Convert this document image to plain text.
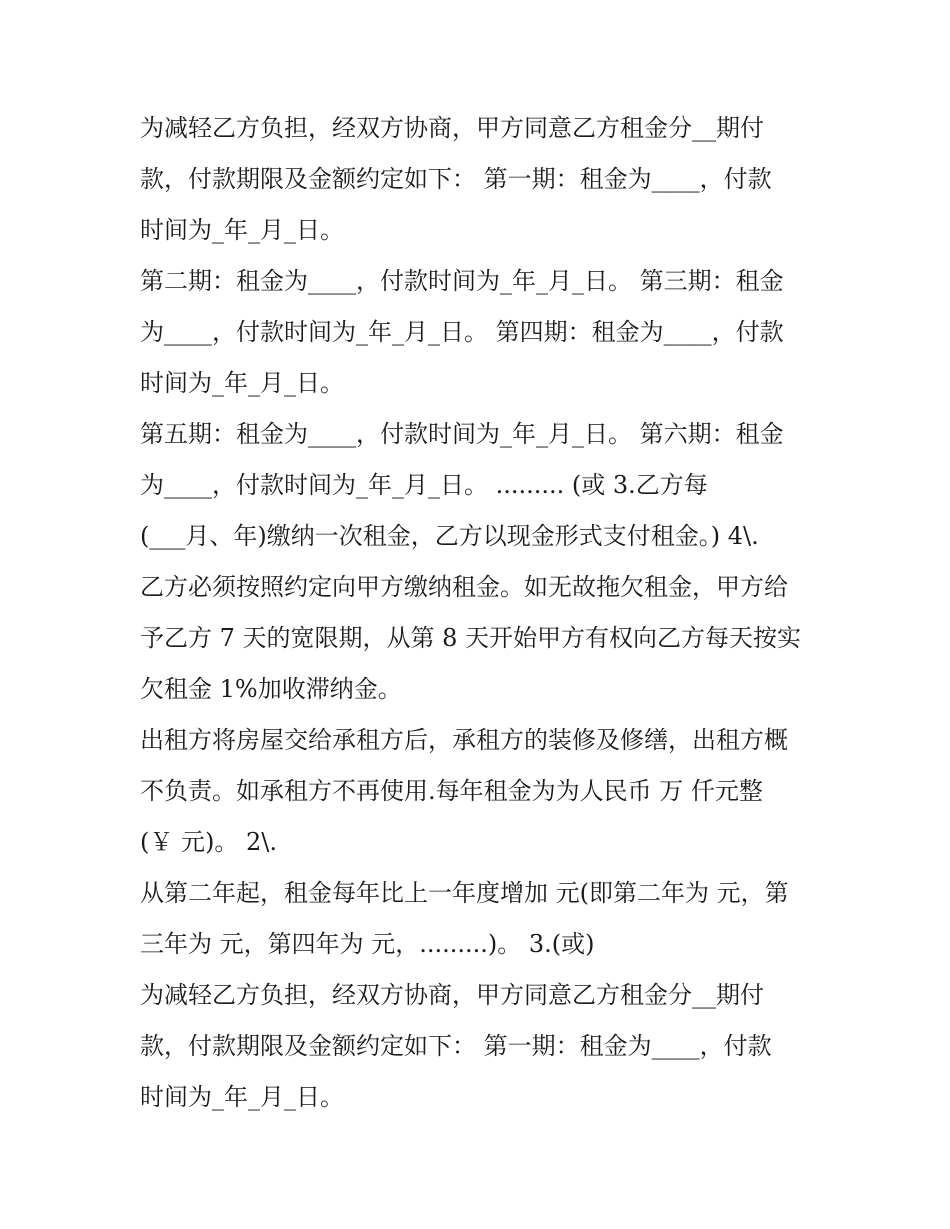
为减轻乙方负担，经双方协商，甲方同意乙方租金分__期付
款，付款期限及金额约定如下： 第一期：租金为____，付款
时间为_年_月_日。

第二期：租金为____，付款时间为_年_月_日。 第三期：租金
为____，付款时间为_年_月_日。 第四期：租金为____，付款
时间为_年_月_日。

第五期：租金为____，付款时间为_年_月_日。 第六期：租金
为____，付款时间为_年_月_日。 ......... (或 3.乙方每
(___月、年)缴纳一次租金，乙方以现金形式支付租金。) 4\.
乙方必须按照约定向甲方缴纳租金。如无故拖欠租金，甲方给
予乙方 7 天的宽限期，从第 8 天开始甲方有权向乙方每天按实
欠租金 1%加收滞纳金。

出租方将房屋交给承租方后，承租方的装修及修缮，出租方概
不负责。如承租方不再使用.每年租金为为人民币 万 仟元整
(￥ 元)。 2\.

从第二年起，租金每年比上一年度增加 元(即第二年为 元，第
三年为 元，第四年为 元，.........)。 3.(或)

为减轻乙方负担，经双方协商，甲方同意乙方租金分__期付
款，付款期限及金额约定如下： 第一期：租金为____，付款
时间为_年_月_日。
